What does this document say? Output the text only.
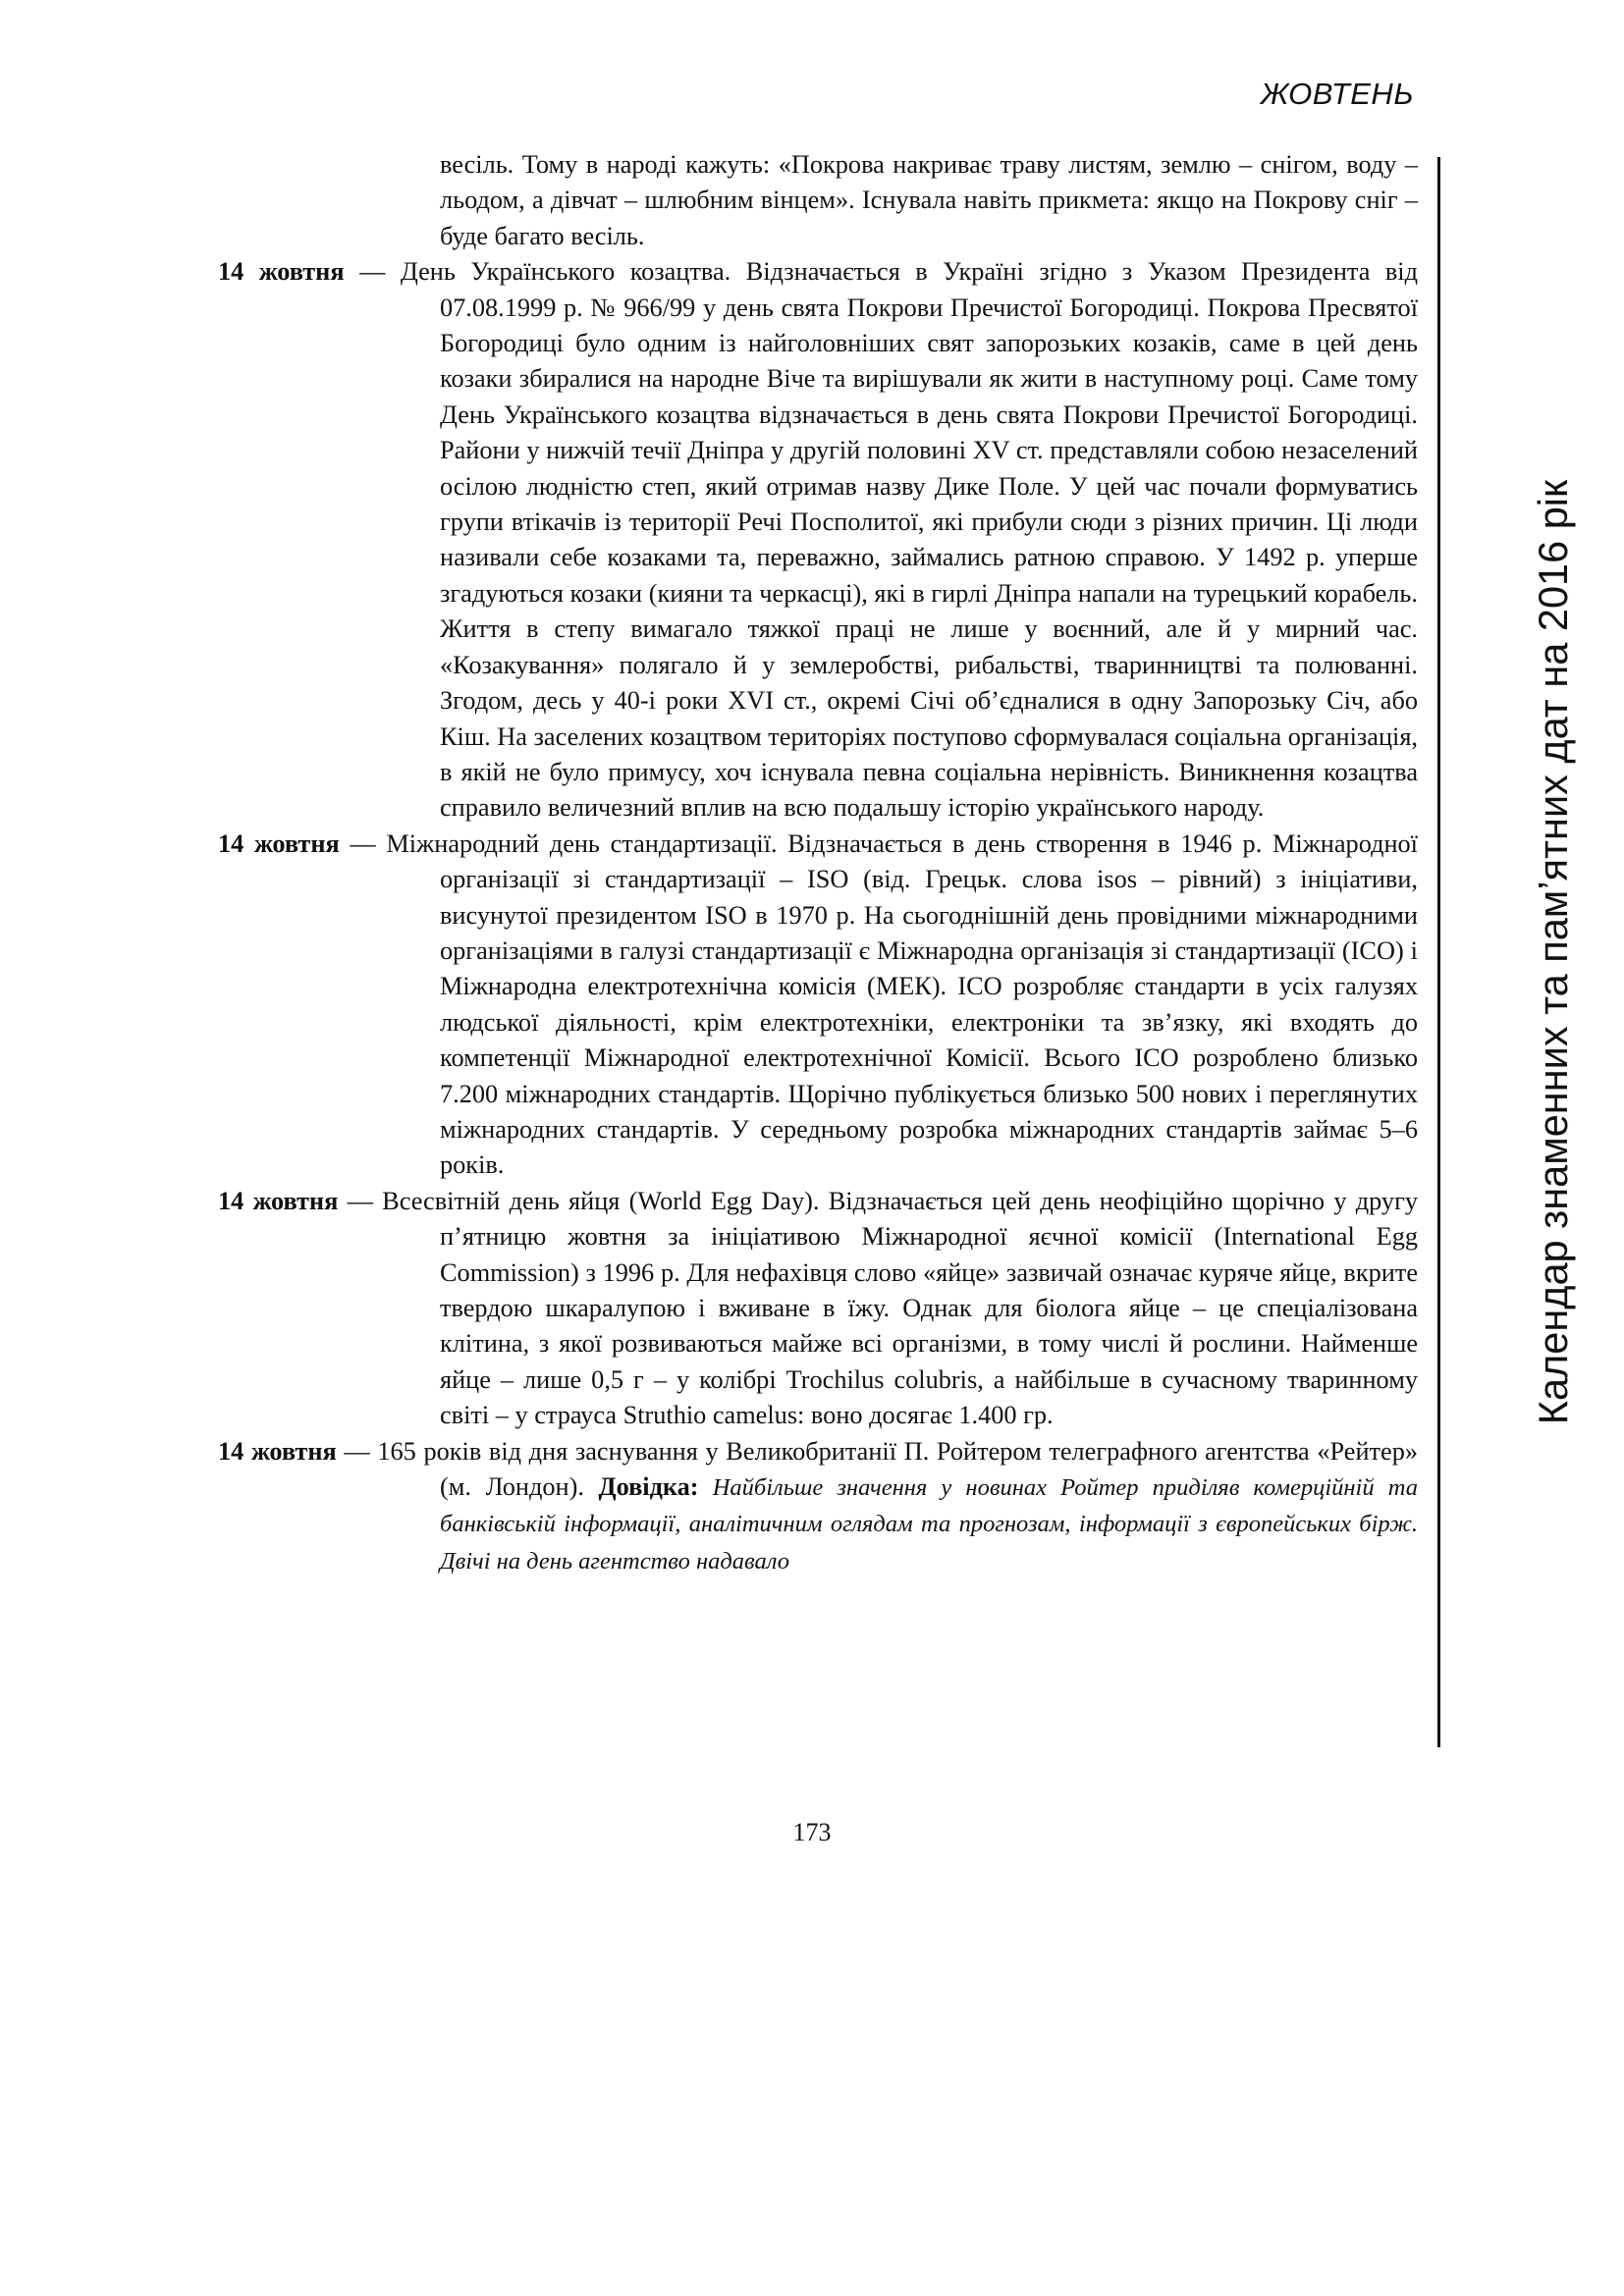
ЖОВТЕНЬ
Календар знаменних та пам’ятних дат на 2016 рік

весіль. Тому в народі кажуть: «Покрова накриває траву листям, землю – снігом, воду – льодом, а дівчат – шлюбним вінцем». Існувала навіть прикмета: якщо на Покрову сніг – буде багато весіль.

14 жовтня — День Українського козацтва. Відзначається в Україні згідно з Указом Президента від 07.08.1999 р. № 966/99 у день свята Покрови Пречистої Богородиці. Покрова Пресвятої Богородиці було одним із найголовніших свят запорозьких козаків, саме в цей день козаки збиралися на народне Віче та вирішували як жити в наступному році. Саме тому День Українського козацтва відзначається в день свята Покрови Пречистої Богородиці. Райони у нижчій течії Дніпра у другій половині XV ст. представляли собою незаселений осілою людністю степ, який отримав назву Дике Поле. У цей час почали формуватись групи втікачів із території Речі Посполитої, які прибули сюди з різних причин. Ці люди називали себе козаками та, переважно, займались ратною справою. У 1492 р. уперше згадуються козаки (кияни та черкасці), які в гирлі Дніпра напали на турецький корабель. Життя в степу вимагало тяжкої праці не лише у воєнний, але й у мирний час. «Козакування» полягало й у землеробстві, рибальстві, тваринництві та полюванні. Згодом, десь у 40-і роки XVI ст., окремі Січі об’єдналися в одну Запорозьку Січ, або Кіш. На заселених козацтвом територіях поступово сформувалася соціальна організація, в якій не було примусу, хоч існувала певна соціальна нерівність. Виникнення козацтва справило величезний вплив на всю подальшу історію українського народу.

14 жовтня — Міжнародний день стандартизації. Відзначається в день створення в 1946 р. Міжнародної організації зі стандартизації – ISO (від. Грецьк. слова isos – рівний) з ініціативи, висунутої президентом ISO в 1970 р. На сьогоднішній день провідними міжнародними організаціями в галузі стандартизації є Міжнародна організація зі стандартизації (ІСО) і Міжнародна електротехнічна комісія (МЕК). ІСО розробляє стандарти в усіх галузях людської діяльності, крім електротехніки, електроніки та зв’язку, які входять до компетенції Міжнародної електротехнічної Комісії. Всього ІСО розроблено близько 7.200 міжнародних стандартів. Щорічно публікується близько 500 нових і переглянутих міжнародних стандартів. У середньому розробка міжнародних стандартів займає 5–6 років.

14 жовтня — Всесвітній день яйця (World Egg Day). Відзначається цей день неофіційно щорічно у другу п’ятницю жовтня за ініціативою Міжнародної яєчної комісії (International Egg Commission) з 1996 р. Для нефахівця слово «яйце» зазвичай означає куряче яйце, вкрите твердою шкаралупою і вживане в їжу. Однак для біолога яйце – це спеціалізована клітина, з якої розвиваються майже всі організми, в тому числі й рослини. Найменше яйце – лише 0,5 г – у колібрі Trochilus colubris, а найбільше в сучасному тваринному світі – у страуса Struthio camelus: воно досягає 1.400 гр.

14 жовтня — 165 років від дня заснування у Великобританії П. Ройтером телеграфного агентства «Рейтер» (м. Лондон). Довідка: Найбільше значення у новинах Ройтер приділяв комерційній та банківській інформації, аналітичним оглядам та прогнозам, інформації з європейських бірж. Двічі на день агентство надавало

173
